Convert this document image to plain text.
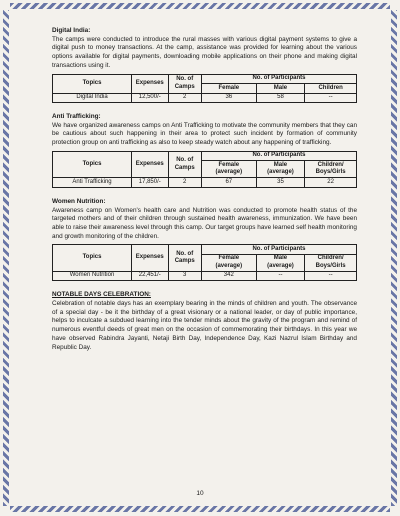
Digital India:

The camps were conducted to introduce the rural masses with various digital payment systems to give a digital push to money transactions. At the camp, assistance was provided for learning about the various options available for digital payments, downloading mobile applications on their phone and making digital transactions using it.

Topics	Expenses	No. of Camps	No. of Participants		
			Female	Male	Children
Digital India	12,500/-	2	36	58	--
Anti Trafficking:

We have organized awareness camps on Anti Trafficking to motivate the community members that they can be cautious about such happening in their area to protect such incident by formation of community protection group on anti trafficking as also to keep steady watch about any happening of trafficking.

Topics	Expenses	No. of Camps	No. of Participants		
			Female (average)	Male (average)	Children/ Boys/Girls
Anti Trafficking	17,850/-	2	67	35	22
Women Nutrition:

Awareness camp on Women's health care and Nutrition was conducted to promote health status of the targeted mothers and of their children through sustained health awareness, immunization. We have been able to raise their awareness level through this camp. Our target groups have learned self health monitoring and growth monitoring of the children.

Topics	Expenses	No. of Camps	No. of Participants		
			Female (average)	Male (average)	Children/ Boys/Girls
Women Nutrition	22,451/-	3	342	--	--
NOTABLE DAYS CELEBRATION:

Celebration of notable days has an exemplary bearing in the minds of children and youth. The observance of a special day - be it the birthday of a great visionary or a national leader, or day of public importance, helps to inculcate a subdued learning into the tender minds about the gravity of the program and remind of numerous eventful deeds of great men on the occasion of commemorating their birthdays. In this year we have observed Rabindra Jayanti, Netaji Birth Day, Independence Day, Kazi Nazrul Islam Birthday and Republic Day.

10
